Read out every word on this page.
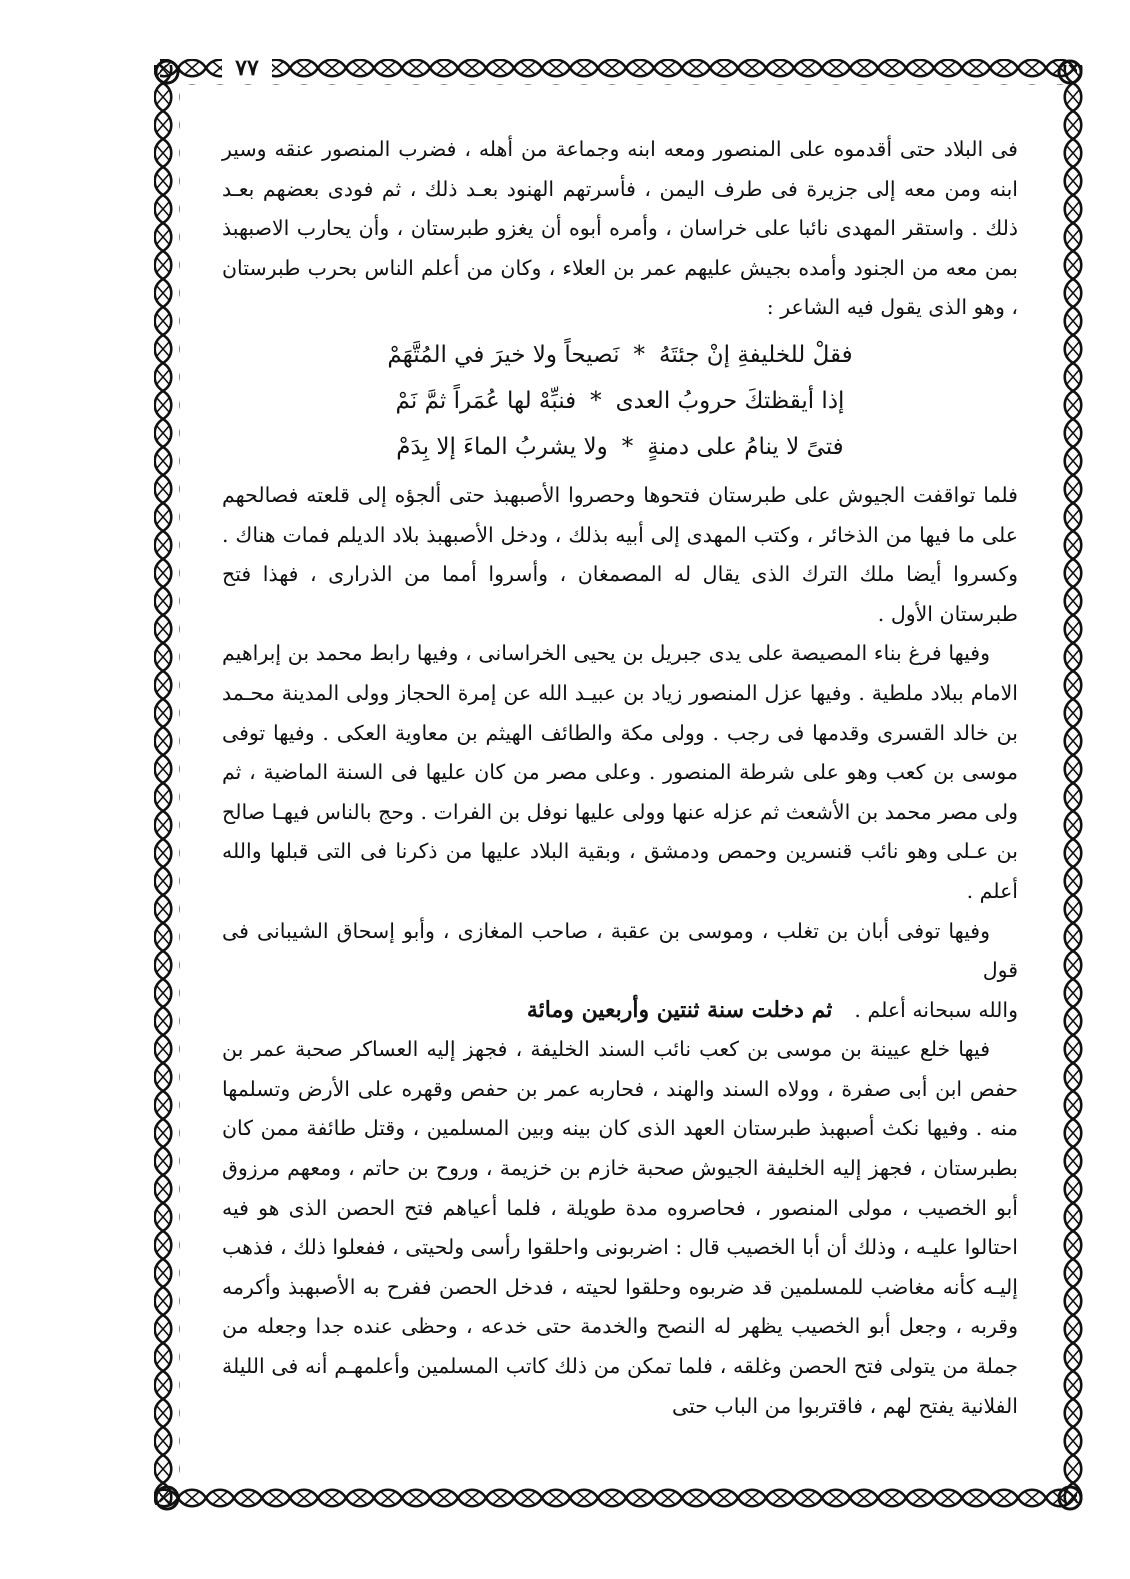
٧٧

فى البلاد حتى أقدموه على المنصور ومعه ابنه وجماعة من أهله ، فضرب المنصور عنقه وسير ابنه ومن معه إلى جزيرة فى طرف اليمن ، فأسرتهم الهنود بعـد ذلك ، ثم فودى بعضهم بعـد ذلك . واستقر المهدى نائبا على خراسان ، وأمره أبوه أن يغزو طبرستان ، وأن يحارب الاصبهبذ بمن معه من الجنود وأمده بجيش عليهم عمر بن العلاء ، وكان من أعلم الناس بحرب طبرستان ، وهو الذى يقول فيه الشاعر :

فقلْ للخليفةِ إنْ جئتَهُ*نَصيحاً ولا خيرَ في المُتَّهَمْ
إذا أيقظتكَ حروبُ العدى*فنبِّهْ لها عُمَراً ثمَّ نَمْ
فتىً لا ينامُ على دمنةٍ*ولا يشربُ الماءَ إلا بِدَمْ

فلما تواقفت الجيوش على طبرستان فتحوها وحصروا الأصبهبذ حتى ألجؤه إلى قلعته فصالحهم على ما فيها من الذخائر ، وكتب المهدى إلى أبيه بذلك ، ودخل الأصبهبذ بلاد الديلم فمات هناك . وكسروا أيضا ملك الترك الذى يقال له المصمغان ، وأسروا أمما من الذرارى ، فهذا فتح طبرستان الأول .

وفيها فرغ بناء المصيصة على يدى جبريل بن يحيى الخراسانى ، وفيها رابط محمد بن إبراهيم الامام ببلاد ملطية . وفيها عزل المنصور زياد بن عبيـد الله عن إمرة الحجاز وولى المدينة محـمد بن خالد القسرى وقدمها فى رجب . وولى مكة والطائف الهيثم بن معاوية العكى . وفيها توفى موسى بن كعب وهو على شرطة المنصور . وعلى مصر من كان عليها فى السنة الماضية ، ثم ولى مصر محمد بن الأشعث ثم عزله عنها وولى عليها نوفل بن الفرات . وحج بالناس فيهـا صالح بن عـلى وهو نائب قنسرين وحمص ودمشق ، وبقية البلاد عليها من ذكرنا فى التى قبلها والله أعلم .

وفيها توفى أبان بن تغلب ، وموسى بن عقبة ، صاحب المغازى ، وأبو إسحاق الشيبانى فى قول

والله سبحانه أعلم .
ثم دخلت سنة ثنتين وأربعين ومائة

فيها خلع عيينة بن موسى بن كعب نائب السند الخليفة ، فجهز إليه العساكر صحبة عمر بن حفص ابن أبى صفرة ، وولاه السند والهند ، فحاربه عمر بن حفص وقهره على الأرض وتسلمها منه . وفيها نكث أصبهبذ طبرستان العهد الذى كان بينه وبين المسلمين ، وقتل طائفة ممن كان بطبرستان ، فجهز إليه الخليفة الجيوش صحبة خازم بن خزيمة ، وروح بن حاتم ، ومعهم مرزوق أبو الخصيب ، مولى المنصور ، فحاصروه مدة طويلة ، فلما أعياهم فتح الحصن الذى هو فيه احتالوا عليـه ، وذلك أن أبا الخصيب قال : اضربونى واحلقوا رأسى ولحيتى ، ففعلوا ذلك ، فذهب إليـه كأنه مغاضب للمسلمين قد ضربوه وحلقوا لحيته ، فدخل الحصن ففرح به الأصبهبذ وأكرمه وقربه ، وجعل أبو الخصيب يظهر له النصح والخدمة حتى خدعه ، وحظى عنده جدا وجعله من جملة من يتولى فتح الحصن وغلقه ، فلما تمكن من ذلك كاتب المسلمين وأعلمهـم أنه فى الليلة الفلانية يفتح لهم ، فاقتربوا من الباب حتى
